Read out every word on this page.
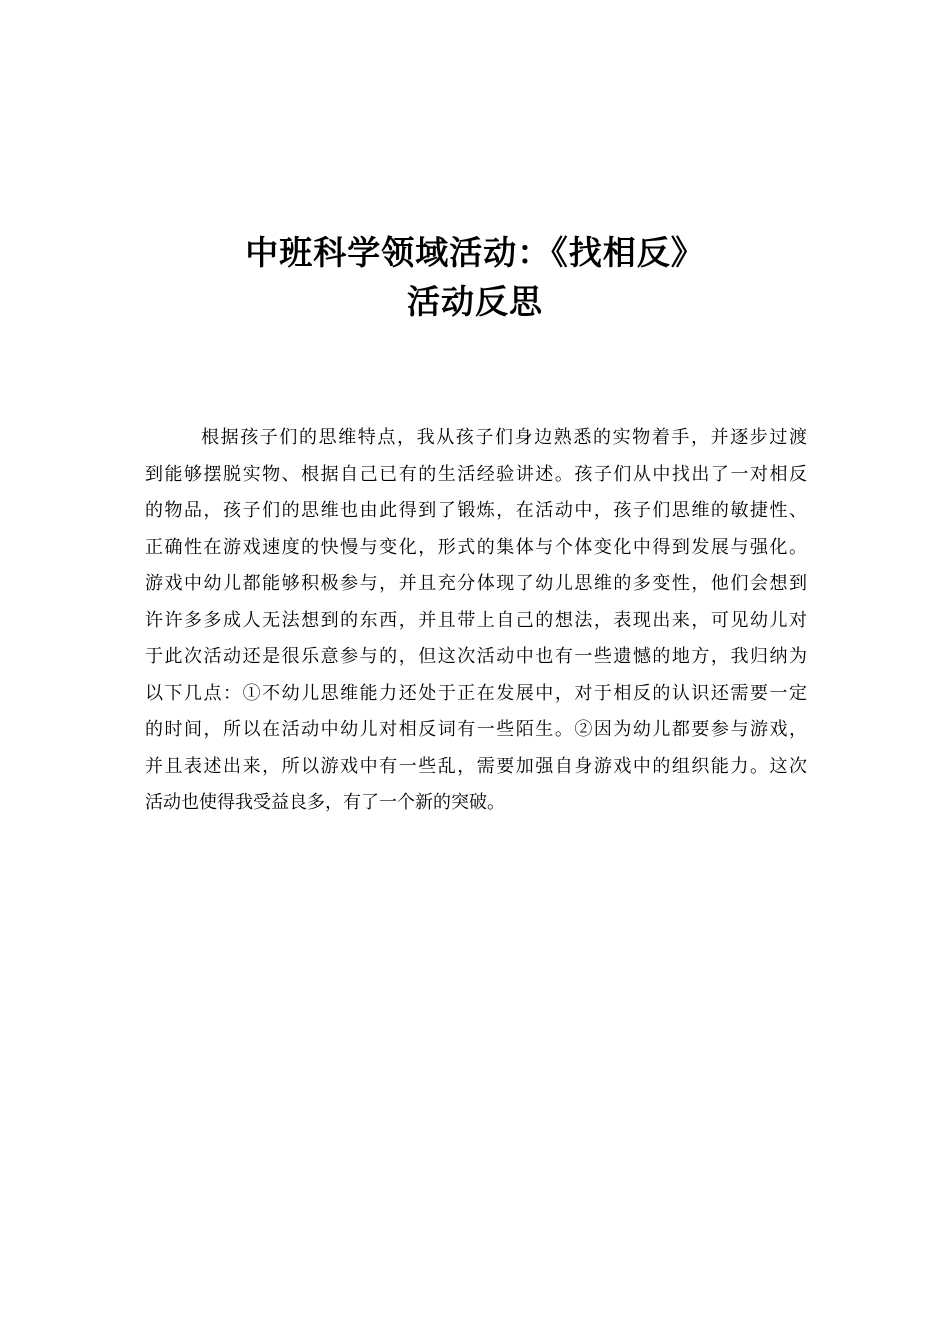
中班科学领域活动：《找相反》
活动反思
根据孩子们的思维特点，我从孩子们身边熟悉的实物着手，并逐步过渡
到能够摆脱实物、根据自己已有的生活经验讲述。孩子们从中找出了一对相反
的物品，孩子们的思维也由此得到了锻炼，在活动中，孩子们思维的敏捷性、
正确性在游戏速度的快慢与变化，形式的集体与个体变化中得到发展与强化。
游戏中幼儿都能够积极参与，并且充分体现了幼儿思维的多变性，他们会想到
许许多多成人无法想到的东西，并且带上自己的想法，表现出来，可见幼儿对
于此次活动还是很乐意参与的，但这次活动中也有一些遗憾的地方，我归纳为
以下几点：①不幼儿思维能力还处于正在发展中，对于相反的认识还需要一定
的时间，所以在活动中幼儿对相反词有一些陌生。②因为幼儿都要参与游戏，
并且表述出来，所以游戏中有一些乱，需要加强自身游戏中的组织能力。这次
活动也使得我受益良多，有了一个新的突破。
